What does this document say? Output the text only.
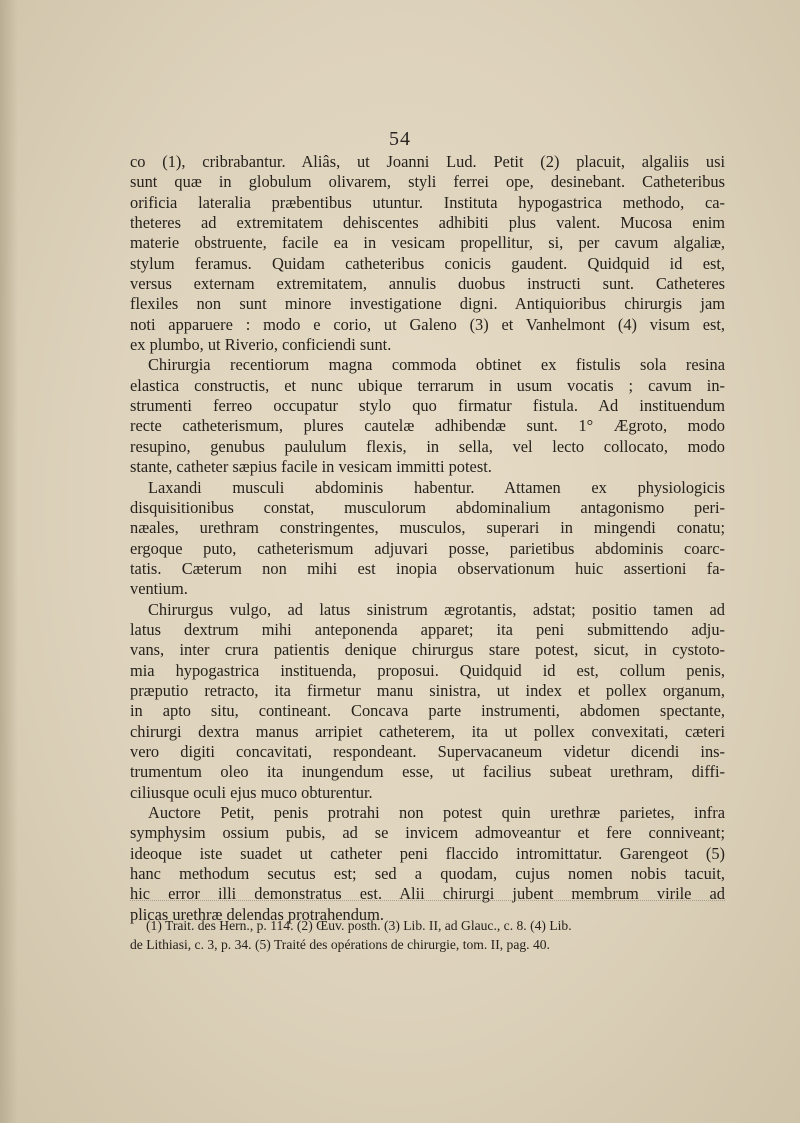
54
co (1), cribrabantur. Aliâs, ut Joanni Lud. Petit (2) placuit, algaliis usi
sunt quæ in globulum olivarem, styli ferrei ope, desinebant. Catheteribus
orificia lateralia præbentibus utuntur. Instituta hypogastrica methodo, ca-
theteres ad extremitatem dehiscentes adhibiti plus valent. Mucosa enim
materie obstruente, facile ea in vesicam propellitur, si, per cavum algaliæ,
stylum feramus. Quidam catheteribus conicis gaudent. Quidquid id est,
versus externam extremitatem, annulis duobus instructi sunt. Catheteres
flexiles non sunt minore investigatione digni. Antiquioribus chirurgis jam
noti apparuere : modo e corio, ut Galeno (3) et Vanhelmont (4) visum est,
ex plumbo, ut Riverio, conficiendi sunt.
Chirurgia recentiorum magna commoda obtinet ex fistulis sola resina
elastica constructis, et nunc ubique terrarum in usum vocatis ; cavum in-
strumenti ferreo occupatur stylo quo firmatur fistula. Ad instituendum
recte catheterismum, plures cautelæ adhibendæ sunt. 1° Ægroto, modo
resupino, genubus paululum flexis, in sella, vel lecto collocato, modo
stante, catheter sæpius facile in vesicam immitti potest.
Laxandi musculi abdominis habentur. Attamen ex physiologicis
disquisitionibus constat, musculorum abdominalium antagonismo peri-
næales, urethram constringentes, musculos, superari in mingendi conatu;
ergoque puto, catheterismum adjuvari posse, parietibus abdominis coarc-
tatis. Cæterum non mihi est inopia observationum huic assertioni fa-
ventium.
Chirurgus vulgo, ad latus sinistrum ægrotantis, adstat; positio tamen ad
latus dextrum mihi anteponenda apparet; ita peni submittendo adju-
vans, inter crura patientis denique chirurgus stare potest, sicut, in cystoto-
mia hypogastrica instituenda, proposui. Quidquid id est, collum penis,
præputio retracto, ita firmetur manu sinistra, ut index et pollex organum,
in apto situ, contineant. Concava parte instrumenti, abdomen spectante,
chirurgi dextra manus arripiet catheterem, ita ut pollex convexitati, cæteri
vero digiti concavitati, respondeant. Supervacaneum videtur dicendi ins-
trumentum oleo ita inungendum esse, ut facilius subeat urethram, diffi-
ciliusque oculi ejus muco obturentur.
Auctore Petit, penis protrahi non potest quin urethræ parietes, infra
symphysim ossium pubis, ad se invicem admoveantur et fere conniveant;
ideoque iste suadet ut catheter peni flaccido intromittatur. Garengeot (5)
hanc methodum secutus est; sed a quodam, cujus nomen nobis tacuit,
hic error illi demonstratus est. Alii chirurgi jubent membrum virile ad
plicas urethræ delendas protrahendum.
(1) Trait. des Hern., p. 114. (2) Œuv. posth. (3) Lib. II, ad Glauc., c. 8. (4) Lib.
de Lithiasi, c. 3, p. 34. (5) Traité des opérations de chirurgie, tom. II, pag. 40.
